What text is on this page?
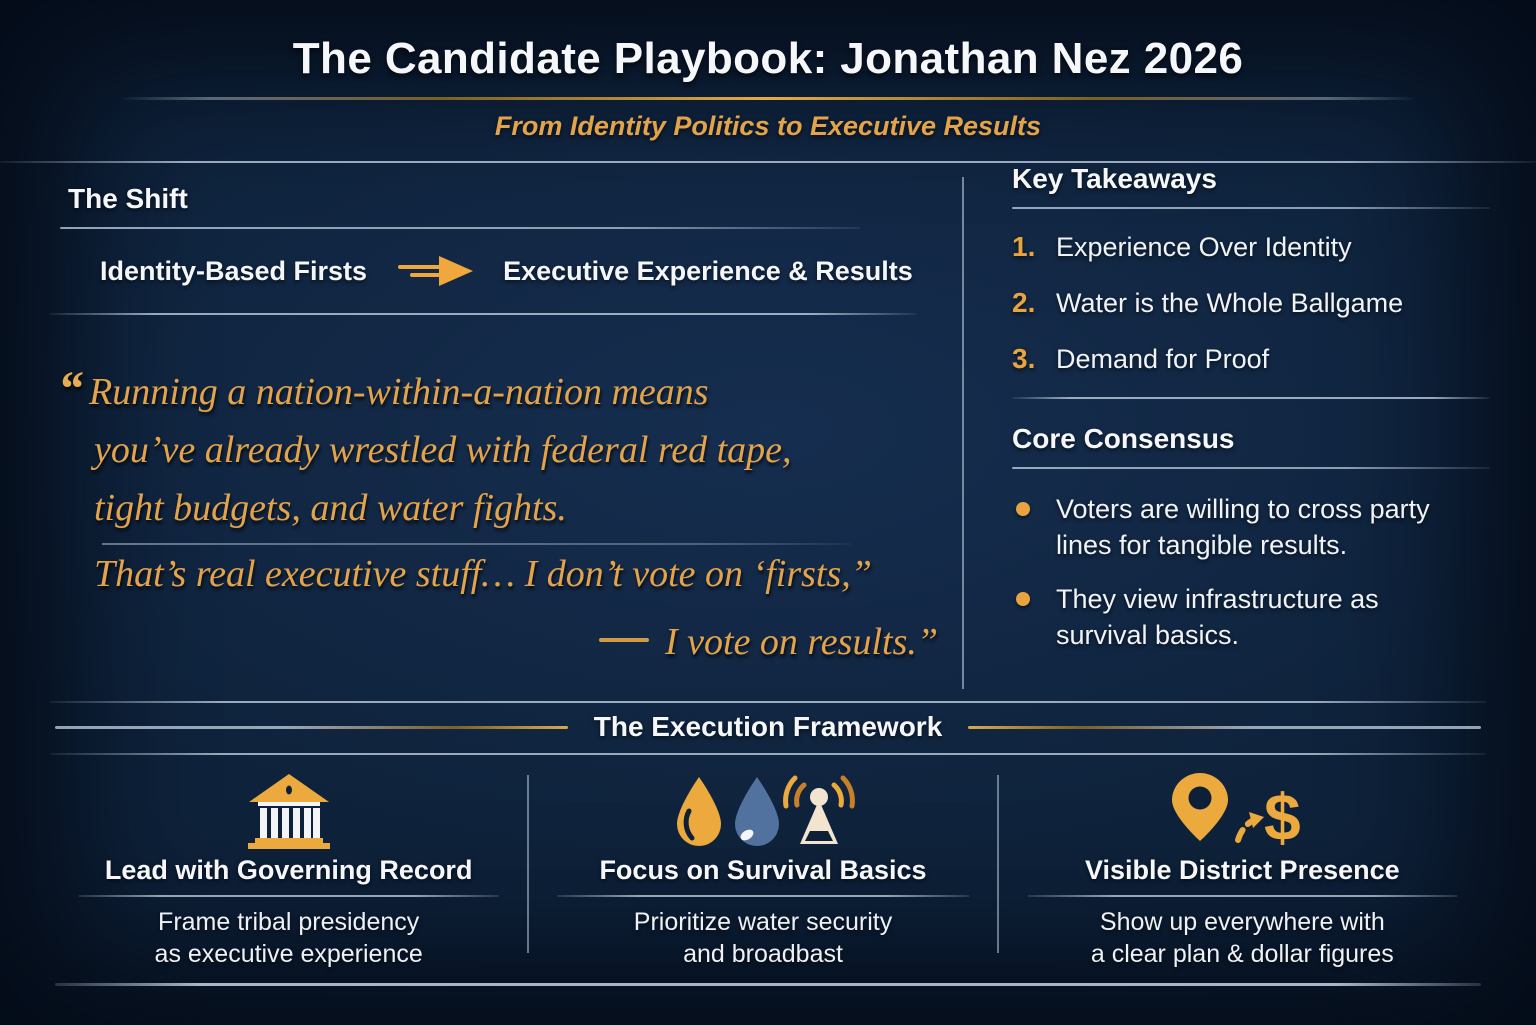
The Candidate Playbook: Jonathan Nez 2026
From Identity Politics to Executive Results
The Shift
Identity-Based Firsts	Executive Experience & Results
“ Running a nation-within-a-nation means
you’ve already wrestled with federal red tape,
tight budgets, and water fights.
That’s real executive stuff… I don’t vote on ‘firsts,”
I vote on results.”
Key Takeaways
1. Experience Over Identity
2. Water is the Whole Ballgame
3. Demand for Proof
Core Consensus
Voters are willing to cross party
lines for tangible results.
They view infrastructure as
survival basics.
The Execution Framework
Lead with Governing Record
Frame tribal presidency
as executive experience
Focus on Survival Basics
Prioritize water security
and broadbast
$
Visible District Presence
Show up everywhere with
a clear plan & dollar figures
